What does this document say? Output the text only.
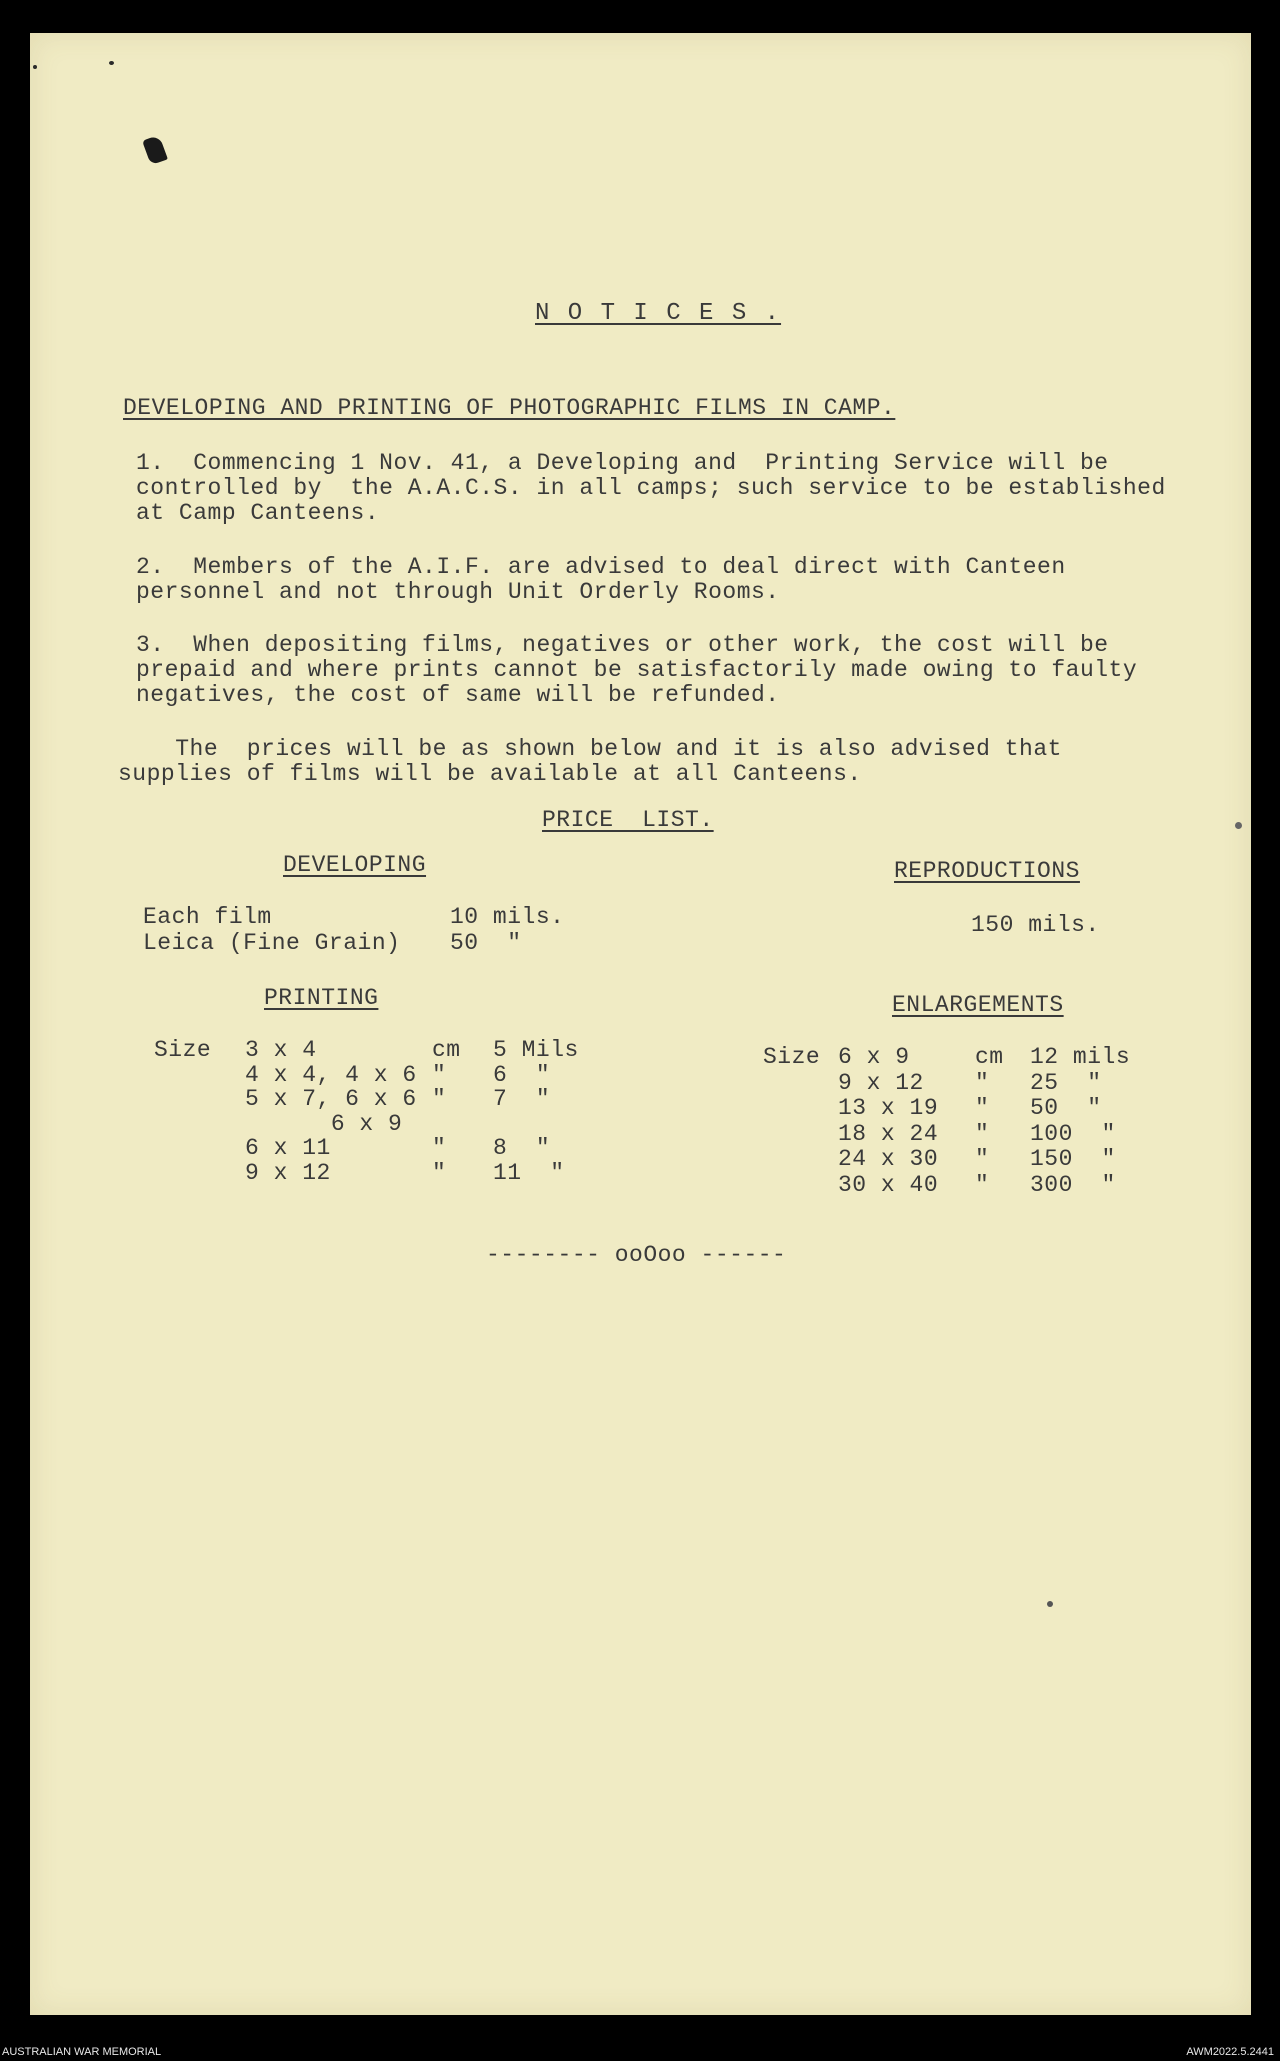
N O T I C E S .
DEVELOPING AND PRINTING OF PHOTOGRAPHIC FILMS IN CAMP.
1.  Commencing 1 Nov. 41, a Developing and  Printing Service will be
controlled by  the A.A.C.S. in all camps; such service to be established
at Camp Canteens.
2.  Members of the A.I.F. are advised to deal direct with Canteen
personnel and not through Unit Orderly Rooms.
3.  When depositing films, negatives or other work, the cost will be
prepaid and where prints cannot be satisfactorily made owing to faulty
negatives, the cost of same will be refunded.
The  prices will be as shown below and it is also advised that
supplies of films will be available at all Canteens.
PRICE  LIST.
DEVELOPING
Each film	10 mils.
Leica (Fine Grain) 50  "
REPRODUCTIONS
150 mils.
PRINTING
Size 3 x 4	cm 5 Mils
4 x 4, 4 x 6 " 6  "
5 x 7, 6 x 6 " 7  "
6 x 9
6 x 11	" 8  "
9 x 12	" 11  "
ENLARGEMENTS
Size 6 x 9	cm 12 mils
9 x 12 " 25  "
13 x 19 " 50  "
18 x 24 " 100  "
24 x 30 " 150  "
30 x 40 " 300  "
-------- ooOoo ------
AUSTRALIAN WAR MEMORIAL	AWM2022.5.2441
